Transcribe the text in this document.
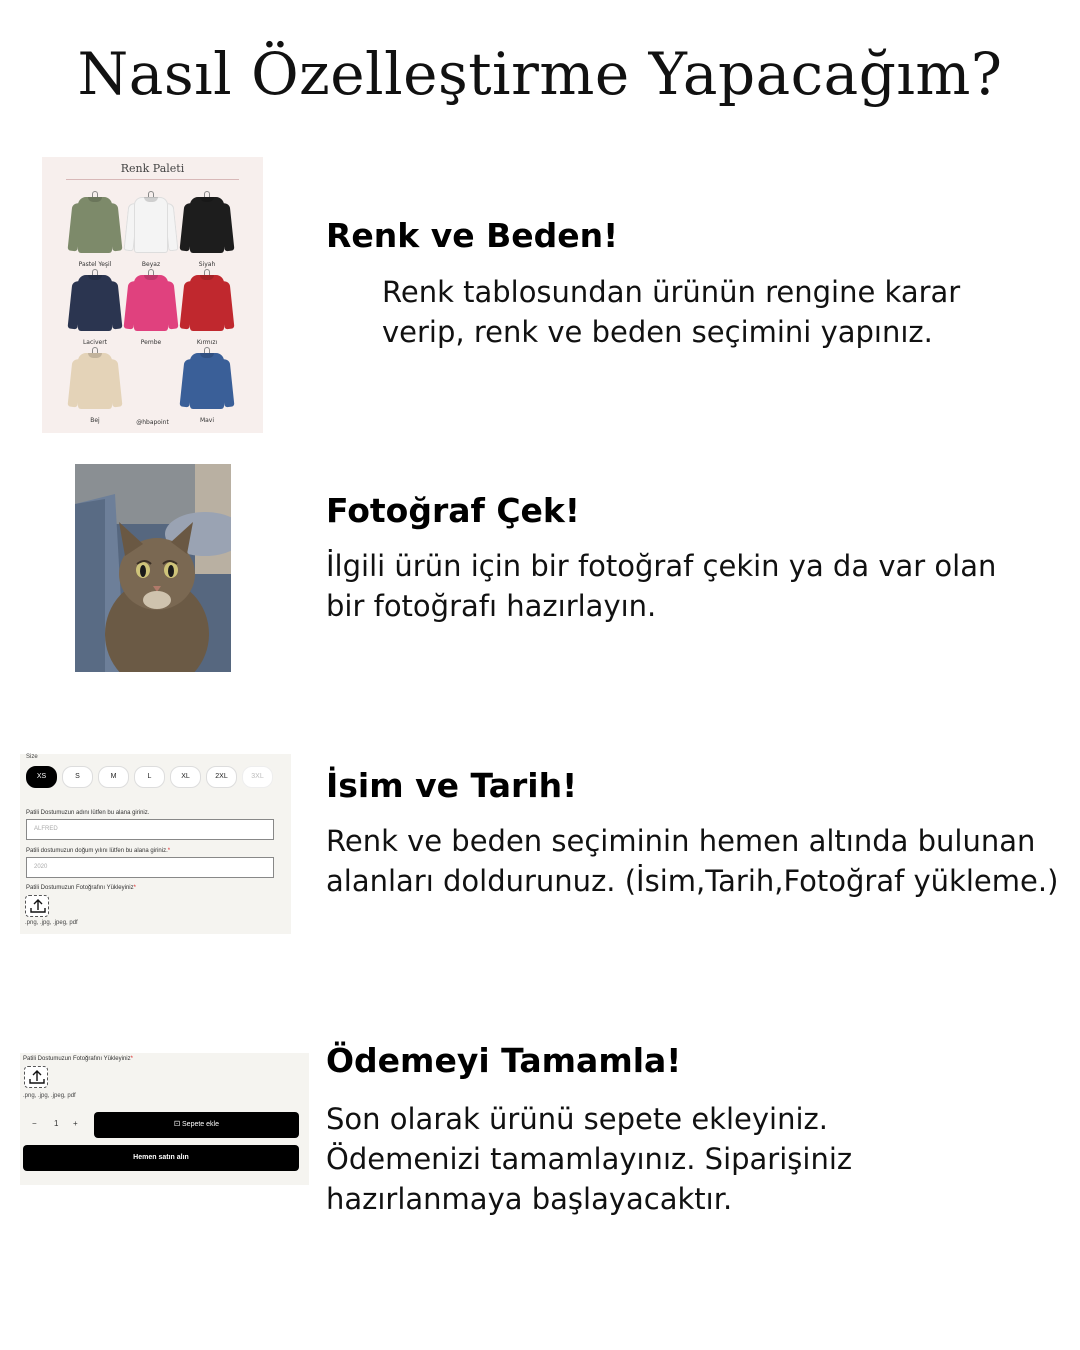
Nasıl Özelleştirme Yapacağım?
Renk Paleti
Pastel Yeşil	Beyaz	Siyah
Lacivert	Pembe	Kırmızı
Bej	Mavi
@hbapoint
Renk ve Beden!
Renk tablosundan ürünün rengine karar
verip, renk ve beden seçimini yapınız.
Fotoğraf Çek!
İlgili ürün için bir fotoğraf çekin ya da var olan
bir fotoğrafı hazırlayın.
Size
XS	S	M	L	XL	2XL	3XL
Patili Dostumuzun adını lütfen bu alana giriniz.
ALFRED
Patili dostumuzun doğum yılını lütfen bu alana giriniz.*
2020
Patili Dostumuzun Fotoğrafını Yükleyiniz*
.png, .jpg, .jpeg, pdf
İsim ve Tarih!
Renk ve beden seçiminin hemen altında bulunan
alanları doldurunuz. (İsim,Tarih,Fotoğraf yükleme.)
Patili Dostumuzun Fotoğrafını Yükleyiniz*
.png, .jpg, .jpeg, pdf
− 1 +	⚀ Sepete ekle
Hemen satın alın
Ödemeyi Tamamla!
Son olarak ürünü sepete ekleyiniz.
Ödemenizi tamamlayınız. Siparişiniz
hazırlanmaya başlayacaktır.
